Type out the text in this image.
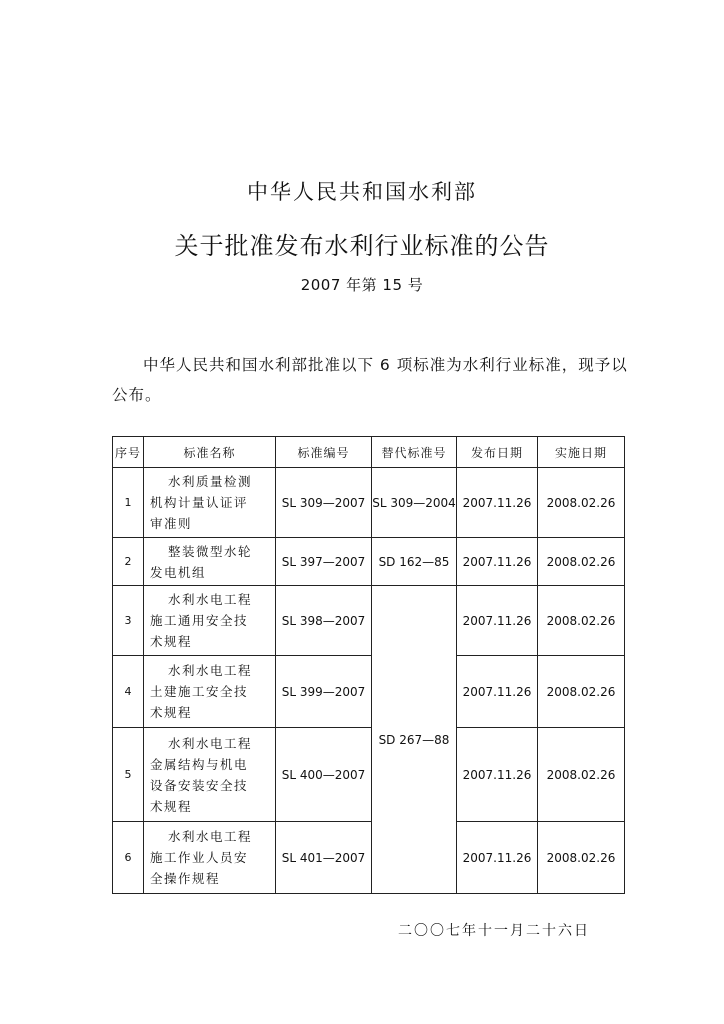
中华人民共和国水利部
关于批准发布水利行业标准的公告
2007 年第 15 号
中华人民共和国水利部批准以下 6 项标准为水利行业标准，现予以公布。
序号	标准名称	标准编号	替代标准号	发布日期	实施日期
1	水利质量检测
机构计量认证评
审准则	SL 309—2007	SL 309—2004	2007.11.26	2008.02.26
2	整装微型水轮
发电机组	SL 397—2007	SD 162—85	2007.11.26	2008.02.26
3	水利水电工程
施工通用安全技
术规程	SL 398—2007	SD 267—88	2007.11.26	2008.02.26
4	水利水电工程
土建施工安全技
术规程	SL 399—2007		2007.11.26	2008.02.26
5	水利水电工程
金属结构与机电
设备安装安全技
术规程	SL 400—2007		2007.11.26	2008.02.26
6	水利水电工程
施工作业人员安
全操作规程	SL 401—2007		2007.11.26	2008.02.26
二〇〇七年十一月二十六日
